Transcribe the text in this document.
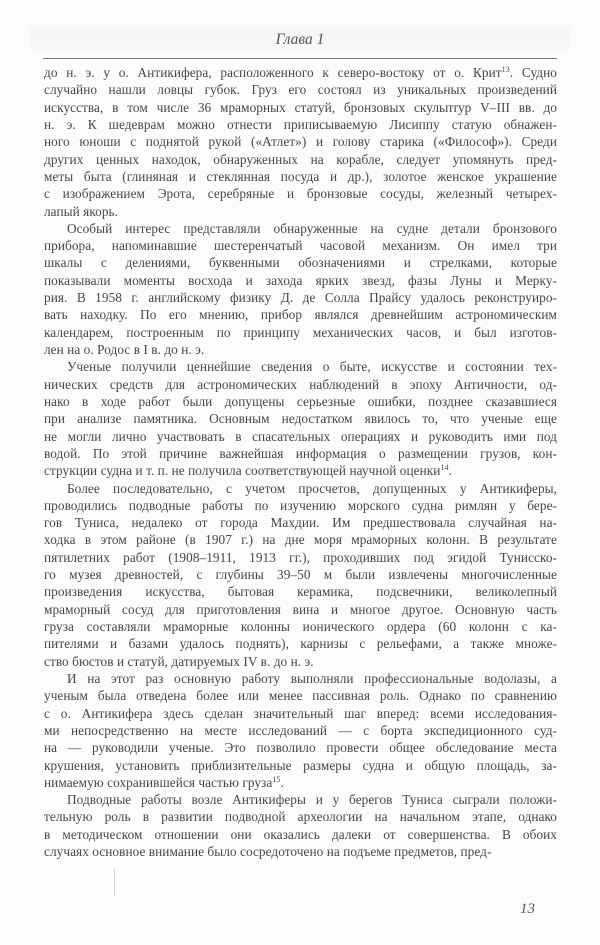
Глава 1
до н. э. у о. Антикифера, расположенного к северо-востоку от о. Крит$^{13}$. Судно
случайно нашли ловцы губок. Груз его состоял из уникальных произведений
искусства, в том числе 36 мраморных статуй, бронзовых скульптур V–III вв. до
н. э. К шедеврам можно отнести приписываемую Лисиппу статую обнажен-
ного юноши с поднятой рукой («Атлет») и голову старика («Философ»). Среди
других ценных находок, обнаруженных на корабле, следует упомянуть пред-
меты быта (глиняная и стеклянная посуда и др.), золотое женское украшение
с изображением Эрота, серебряные и бронзовые сосуды, железный четырех-
лапый якорь.
Особый интерес представляли обнаруженные на судне детали бронзового
прибора, напоминавшие шестеренчатый часовой механизм. Он имел три
шкалы с делениями, буквенными обозначениями и стрелками, которые
показывали моменты восхода и захода ярких звезд, фазы Луны и Мерку-
рия. В 1958 г. английскому физику Д. де Солла Прайсу удалось реконструиро-
вать находку. По его мнению, прибор являлся древнейшим астрономическим
календарем, построенным по принципу механических часов, и был изготов-
лен на о. Родос в I в. до н. э.
Ученые получили ценнейшие сведения о быте, искусстве и состоянии тех-
нических средств для астрономических наблюдений в эпоху Античности, од-
нако в ходе работ были допущены серьезные ошибки, позднее сказавшиеся
при анализе памятника. Основным недостатком явилось то, что ученые еще
не могли лично участвовать в спасательных операциях и руководить ими под
водой. По этой причине важнейшая информация о размещении грузов, кон-
струкции судна и т. п. не получила соответствующей научной оценки$^{14}$.
Более последовательно, с учетом просчетов, допущенных у Антикиферы,
проводились подводные работы по изучению морского судна римлян у бере-
гов Туниса, недалеко от города Махдии. Им предшествовала случайная на-
ходка в этом районе (в 1907 г.) на дне моря мраморных колонн. В результате
пятилетних работ (1908–1911, 1913 гг.), проходивших под эгидой Тунисско-
го музея древностей, с глубины 39–50 м были извлечены многочисленные
произведения искусства, бытовая керамика, подсвечники, великолепный
мраморный сосуд для приготовления вина и многое другое. Основную часть
груза составляли мраморные колонны ионического ордера (60 колонн с ка-
пителями и базами удалось поднять), карнизы с рельефами, а также множе-
ство бюстов и статуй, датируемых IV в. до н. э.
И на этот раз основную работу выполняли профессиональные водолазы, а
ученым была отведена более или менее пассивная роль. Однако по сравнению
с о. Антикифера здесь сделан значительный шаг вперед: всеми исследования-
ми непосредственно на месте исследований — с борта экспедиционного суд-
на — руководили ученые. Это позволило провести общее обследование места
крушения, установить приблизительные размеры судна и общую площадь, за-
нимаемую сохранившейся частью груза$^{15}$.
Подводные работы возле Антикиферы и у берегов Туниса сыграли положи-
тельную роль в развитии подводной археологии на начальном этапе, однако
в методическом отношении они оказались далеки от совершенства. В обоих
случаях основное внимание было сосредоточено на подъеме предметов, пред-
13
